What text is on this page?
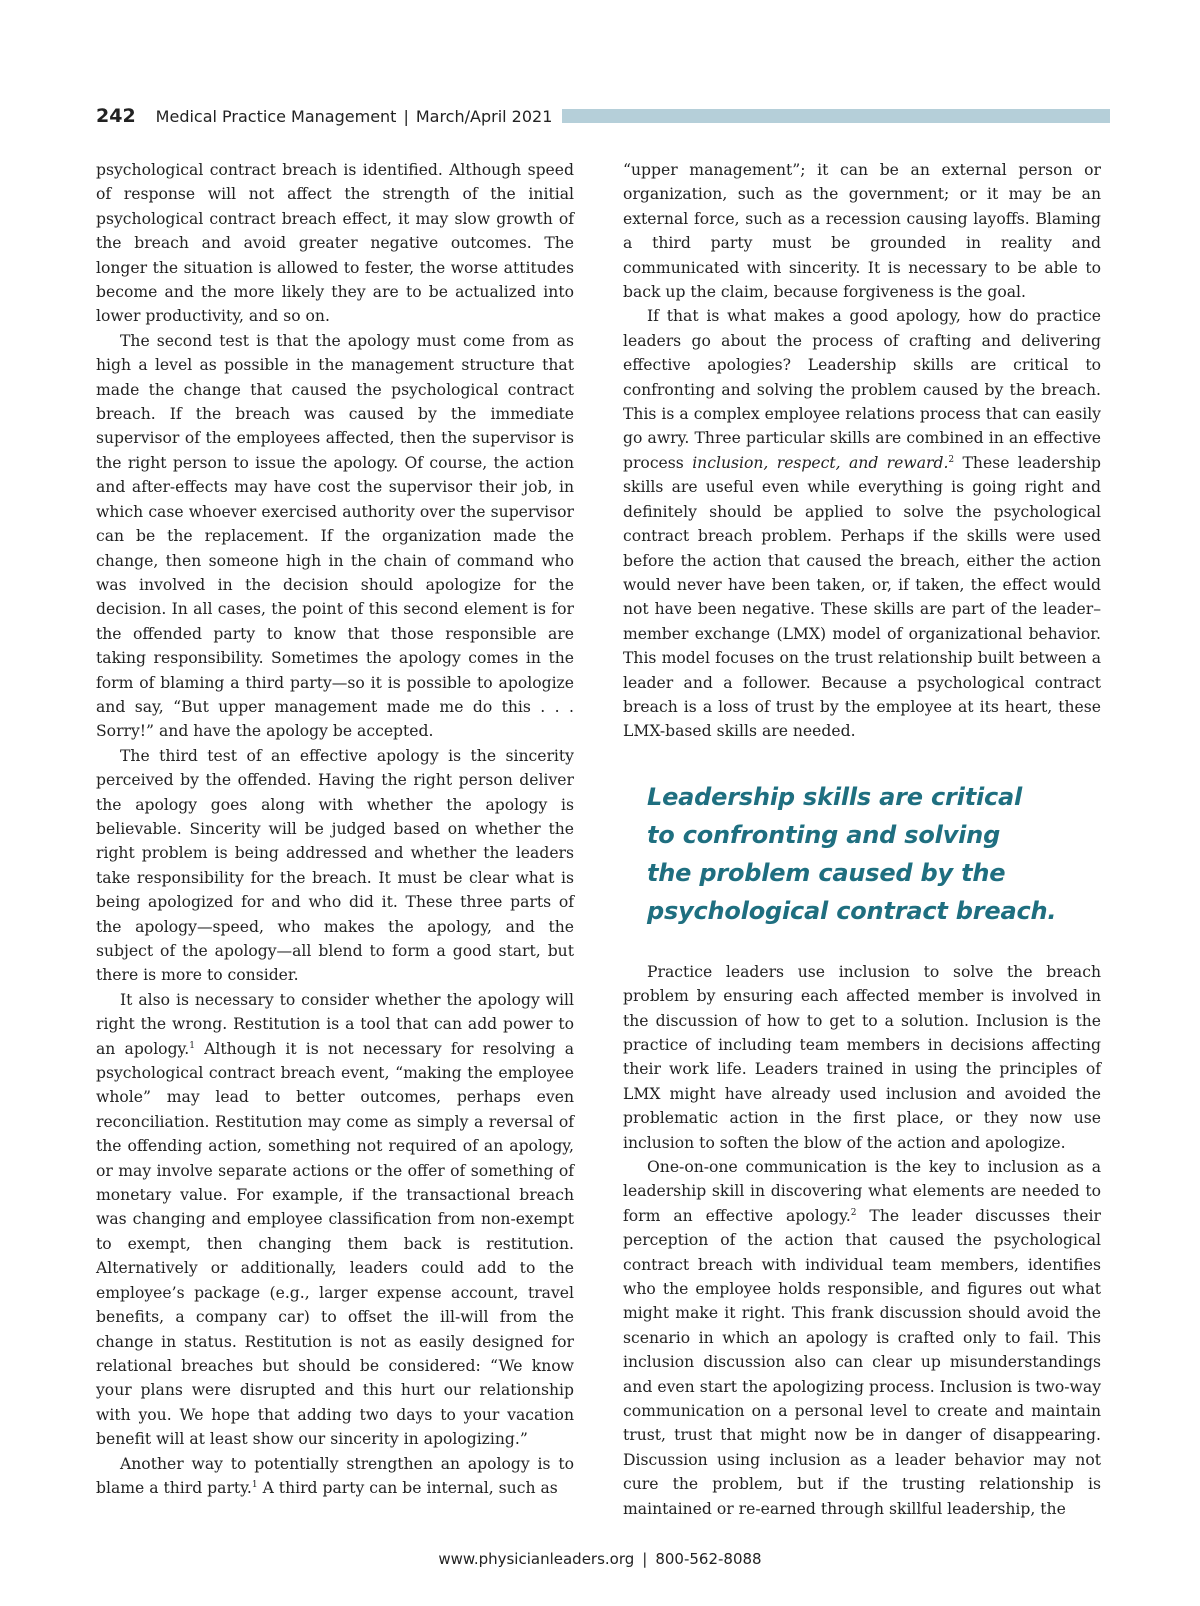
242 Medical Practice Management | March/April 2021

psychological contract breach is identified. Although speed of response will not affect the strength of the initial psychological contract breach effect, it may slow growth of the breach and avoid greater negative outcomes. The longer the situation is allowed to fester, the worse attitudes become and the more likely they are to be actualized into lower productivity, and so on.

The second test is that the apology must come from as high a level as possible in the management structure that made the change that caused the psychological contract breach. If the breach was caused by the immediate supervisor of the employees affected, then the supervisor is the right person to issue the apology. Of course, the action and after-effects may have cost the supervisor their job, in which case whoever exercised authority over the supervisor can be the replacement. If the organization made the change, then someone high in the chain of command who was involved in the decision should apologize for the decision. In all cases, the point of this second element is for the offended party to know that those responsible are taking responsibility. Sometimes the apology comes in the form of blaming a third party—so it is possible to apologize and say, “But upper management made me do this . . . Sorry!” and have the apology be accepted.

The third test of an effective apology is the sincerity perceived by the offended. Having the right person deliver the apology goes along with whether the apology is believable. Sincerity will be judged based on whether the right problem is being addressed and whether the leaders take responsibility for the breach. It must be clear what is being apologized for and who did it. These three parts of the apology—speed, who makes the apology, and the subject of the apology—all blend to form a good start, but there is more to consider.

It also is necessary to consider whether the apology will right the wrong. Restitution is a tool that can add power to an apology.$^1$ Although it is not necessary for resolving a psychological contract breach event, “making the employee whole” may lead to better outcomes, perhaps even reconciliation. Restitution may come as simply a reversal of the offending action, something not required of an apology, or may involve separate actions or the offer of something of monetary value. For example, if the transactional breach was changing and employee classification from non-exempt to exempt, then changing them back is restitution. Alternatively or additionally, leaders could add to the employee’s package (e.g., larger expense account, travel benefits, a company car) to offset the ill-will from the change in status. Restitution is not as easily designed for relational breaches but should be considered: “We know your plans were disrupted and this hurt our relationship with you. We hope that adding two days to your vacation benefit will at least show our sincerity in apologizing.”

Another way to potentially strengthen an apology is to blame a third party.$^1$ A third party can be internal, such as

“upper management”; it can be an external person or organization, such as the government; or it may be an external force, such as a recession causing layoffs. Blaming a third party must be grounded in reality and communicated with sincerity. It is necessary to be able to back up the claim, because forgiveness is the goal.

If that is what makes a good apology, how do practice leaders go about the process of crafting and delivering effective apologies? Leadership skills are critical to confronting and solving the problem caused by the breach. This is a complex employee relations process that can easily go awry. Three particular skills are combined in an effective process inclusion, respect, and reward.$^2$ These leadership skills are useful even while everything is going right and definitely should be applied to solve the psychological contract breach problem. Perhaps if the skills were used before the action that caused the breach, either the action would never have been taken, or, if taken, the effect would not have been negative. These skills are part of the leader–member exchange (LMX) model of organizational behavior. This model focuses on the trust relationship built between a leader and a follower. Because a psychological contract breach is a loss of trust by the employee at its heart, these LMX-based skills are needed.

Leadership skills are critical
to confronting and solving
the problem caused by the
psychological contract breach.

Practice leaders use inclusion to solve the breach problem by ensuring each affected member is involved in the discussion of how to get to a solution. Inclusion is the practice of including team members in decisions affecting their work life. Leaders trained in using the principles of LMX might have already used inclusion and avoided the problematic action in the first place, or they now use inclusion to soften the blow of the action and apologize.

One-on-one communication is the key to inclusion as a leadership skill in discovering what elements are needed to form an effective apology.$^2$ The leader discusses their perception of the action that caused the psychological contract breach with individual team members, identifies who the employee holds responsible, and figures out what might make it right. This frank discussion should avoid the scenario in which an apology is crafted only to fail. This inclusion discussion also can clear up misunderstandings and even start the apologizing process. Inclusion is two-way communication on a personal level to create and maintain trust, trust that might now be in danger of disappearing. Discussion using inclusion as a leader behavior may not cure the problem, but if the trusting relationship is maintained or re-earned through skillful leadership, the

www.physicianleaders.org | 800-562-8088
